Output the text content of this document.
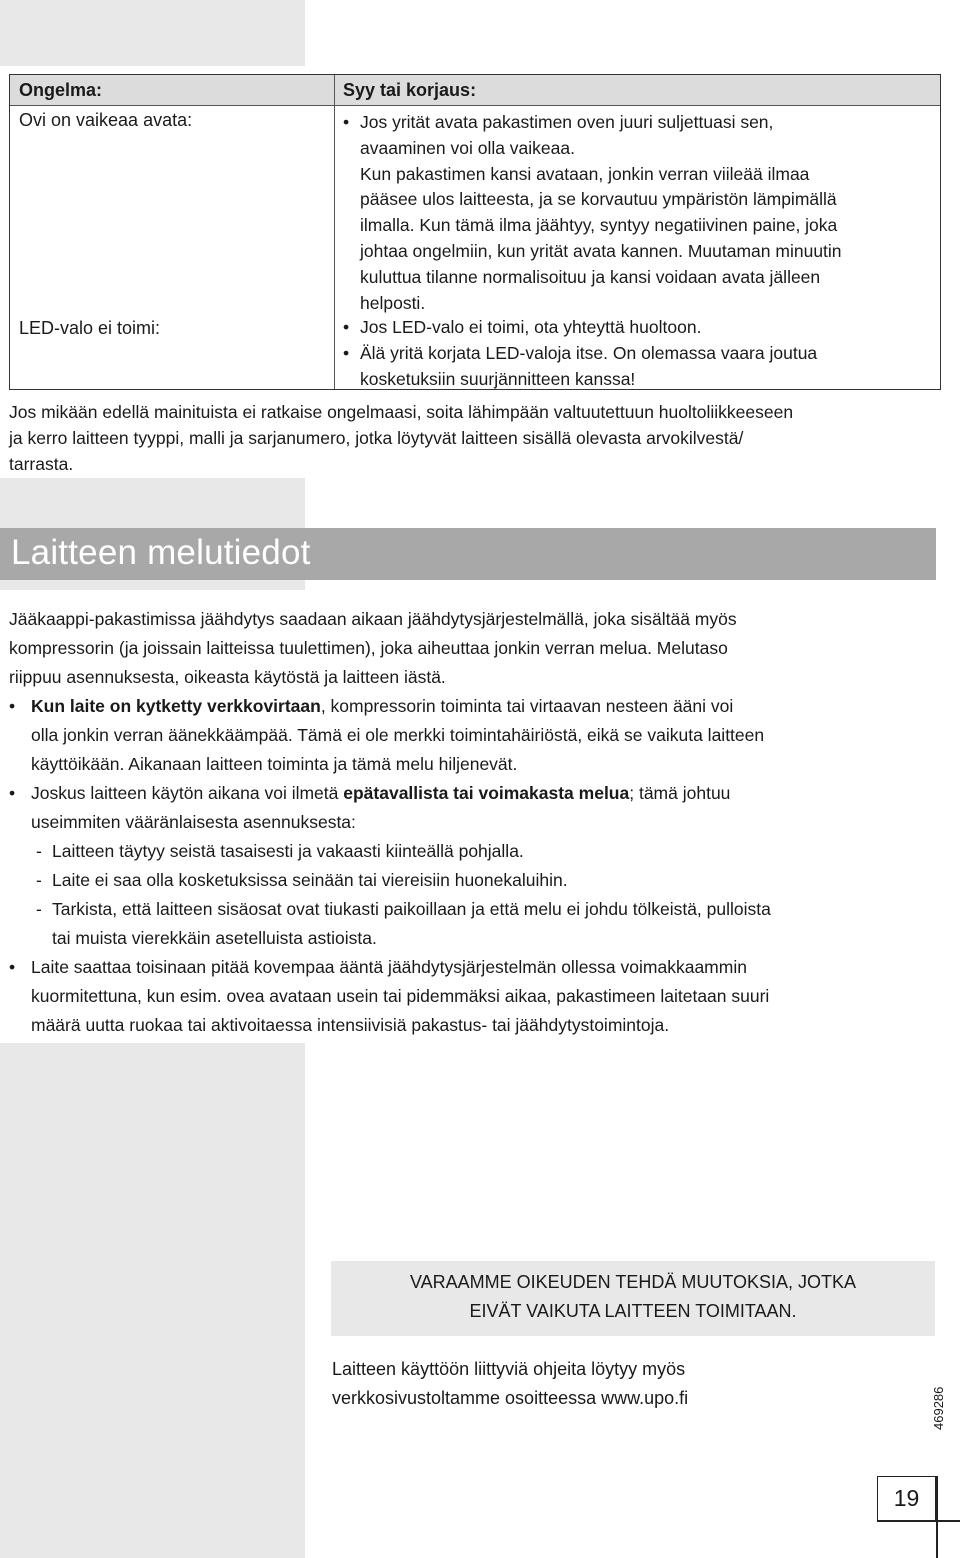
Ongelma:	Syy tai korjaus:
Ovi on vaikeaa avata:	• Jos yrität avata pakastimen oven juuri suljettuasi sen,
avaaminen voi olla vaikeaa.
Kun pakastimen kansi avataan, jonkin verran viileää ilmaa
pääsee ulos laitteesta, ja se korvautuu ympäristön lämpimällä
ilmalla. Kun tämä ilma jäähtyy, syntyy negatiivinen paine, joka
johtaa ongelmiin, kun yrität avata kannen. Muutaman minuutin
kuluttua tilanne normalisoituu ja kansi voidaan avata jälleen
helposti.
LED-valo ei toimi:	• Jos LED-valo ei toimi, ota yhteyttä huoltoon.
• Älä yritä korjata LED-valoja itse. On olemassa vaara joutua
kosketuksiin suurjännitteen kanssa!
Jos mikään edellä mainituista ei ratkaise ongelmaasi, soita lähimpään valtuutettuun huoltoliikkeeseen
ja kerro laitteen tyyppi, malli ja sarjanumero, jotka löytyvät laitteen sisällä olevasta arvokilvestä/
tarrasta.
Laitteen melutiedot

Jääkaappi-pakastimissa jäähdytys saadaan aikaan jäähdytysjärjestelmällä, joka sisältää myös
kompressorin (ja joissain laitteissa tuulettimen), joka aiheuttaa jonkin verran melua. Melutaso
riippuu asennuksesta, oikeasta käytöstä ja laitteen iästä.

• Kun laite on kytketty verkkovirtaan, kompressorin toiminta tai virtaavan nesteen ääni voi
olla jonkin verran äänekkäämpää. Tämä ei ole merkki toimintahäiriöstä, eikä se vaikuta laitteen
käyttöikään. Aikanaan laitteen toiminta ja tämä melu hiljenevät.
• Joskus laitteen käytön aikana voi ilmetä epätavallista tai voimakasta melua; tämä johtuu
useimmiten vääränlaisesta asennuksesta:
- Laitteen täytyy seistä tasaisesti ja vakaasti kiinteällä pohjalla.
- Laite ei saa olla kosketuksissa seinään tai viereisiin huonekaluihin.
- Tarkista, että laitteen sisäosat ovat tiukasti paikoillaan ja että melu ei johdu tölkeistä, pulloista
tai muista vierekkäin asetelluista astioista.
• Laite saattaa toisinaan pitää kovempaa ääntä jäähdytysjärjestelmän ollessa voimakkaammin
kuormitettuna, kun esim. ovea avataan usein tai pidemmäksi aikaa, pakastimeen laitetaan suuri
määrä uutta ruokaa tai aktivoitaessa intensiivisiä pakastus- tai jäähdytystoimintoja.
VARAAMME OIKEUDEN TEHDÄ MUUTOKSIA, JOTKA
EIVÄT VAIKUTA LAITTEEN TOIMITAAN.
Laitteen käyttöön liittyviä ohjeita löytyy myös
verkkosivustoltamme osoitteessa www.upo.fi
19
469286
